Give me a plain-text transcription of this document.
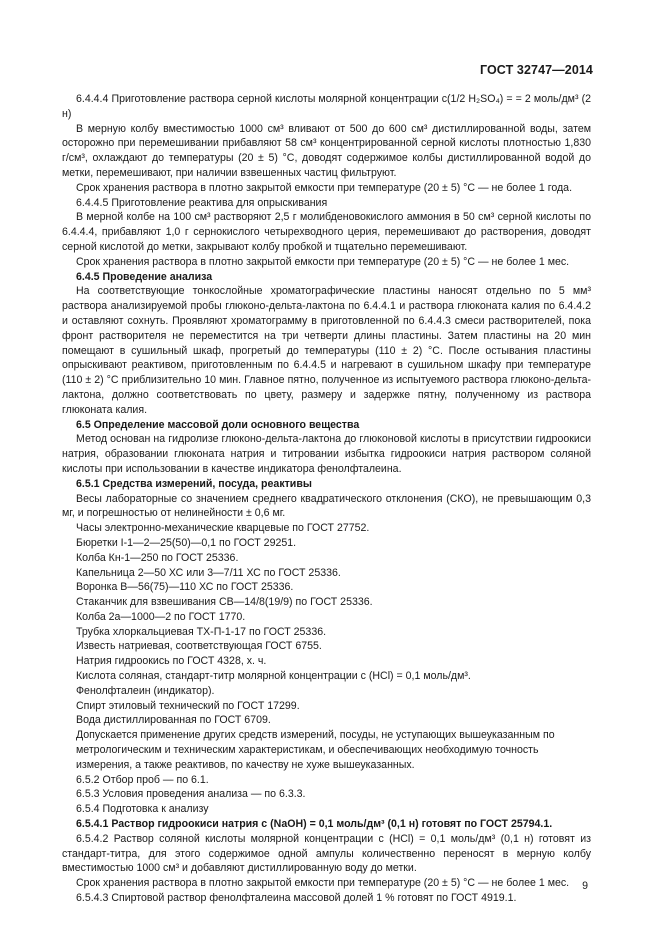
ГОСТ 32747—2014

6.4.4.4 Приготовление раствора серной кислоты молярной концентрации c(1/2 H₂SO₄) = = 2 моль/дм³ (2 н)

В мерную колбу вместимостью 1000 см³ вливают от 500 до 600 см³ дистиллированной воды, затем осторожно при перемешивании прибавляют 58 см³ концентрированной серной кислоты плотностью 1,830 г/см³, охлаждают до температуры (20 ± 5) °С, доводят содержимое колбы дистиллированной водой до метки, перемешивают, при наличии взвешенных частиц фильтруют.

Срок хранения раствора в плотно закрытой емкости при температуре (20 ± 5) °С — не более 1 года.

6.4.4.5 Приготовление реактива для опрыскивания

В мерной колбе на 100 см³ растворяют 2,5 г молибденовокислого аммония в 50 см³ серной кислоты по 6.4.4.4, прибавляют 1,0 г сернокислого четырехводного церия, перемешивают до растворения, доводят серной кислотой до метки, закрывают колбу пробкой и тщательно перемешивают.

Срок хранения раствора в плотно закрытой емкости при температуре (20 ± 5) °С — не более 1 мес.

6.4.5 Проведение анализа

На соответствующие тонкослойные хроматографические пластины наносят отдельно по 5 мм³ раствора анализируемой пробы глюконо-дельта-лактона по 6.4.4.1 и раствора глюконата калия по 6.4.4.2 и оставляют сохнуть. Проявляют хроматограмму в приготовленной по 6.4.4.3 смеси растворителей, пока фронт растворителя не переместится на три четверти длины пластины. Затем пластины на 20 мин помещают в сушильный шкаф, прогретый до температуры (110 ± 2) °С. После остывания пластины опрыскивают реактивом, приготовленным по 6.4.4.5 и нагревают в сушильном шкафу при температуре (110 ± 2) °С приблизительно 10 мин. Главное пятно, полученное из испытуемого раствора глюконо-дельта-лактона, должно соответствовать по цвету, размеру и задержке пятну, полученному из раствора глюконата калия.

6.5 Определение массовой доли основного вещества

Метод основан на гидролизе глюконо-дельта-лактона до глюконовой кислоты в присутствии гидроокиси натрия, образовании глюконата натрия и титровании избытка гидроокиси натрия раствором соляной кислоты при использовании в качестве индикатора фенолфталеина.

6.5.1 Средства измерений, посуда, реактивы

Весы лабораторные со значением среднего квадратического отклонения (СКО), не превышающим 0,3 мг, и погрешностью от нелинейности ± 0,6 мг.

Часы электронно-механические кварцевые по ГОСТ 27752.

Бюретки I-1—2—25(50)—0,1 по ГОСТ 29251.

Колба Кн-1—250 по ГОСТ 25336.

Капельница 2—50 ХС или 3—7/11 ХС по ГОСТ 25336.

Воронка В—56(75)—110 ХС по ГОСТ 25336.

Стаканчик для взвешивания СВ—14/8(19/9) по ГОСТ 25336.

Колба 2а—1000—2 по ГОСТ 1770.

Трубка хлоркальциевая ТХ-П-1-17 по ГОСТ 25336.

Известь натриевая, соответствующая ГОСТ 6755.

Натрия гидроокись по ГОСТ 4328, х. ч.

Кислота соляная, стандарт-титр молярной концентрации c (HCl) = 0,1 моль/дм³.

Фенолфталеин (индикатор).

Спирт этиловый технический по ГОСТ 17299.

Вода дистиллированная по ГОСТ 6709.

Допускается применение других средств измерений, посуды, не уступающих вышеуказанным по метрологическим и техническим характеристикам, и обеспечивающих необходимую точность измерения, а также реактивов, по качеству не хуже вышеуказанных.

6.5.2 Отбор проб — по 6.1.

6.5.3 Условия проведения анализа — по 6.3.3.

6.5.4 Подготовка к анализу

6.5.4.1 Раствор гидроокиси натрия c (NaOH) = 0,1 моль/дм³ (0,1 н) готовят по ГОСТ 25794.1.

6.5.4.2 Раствор соляной кислоты молярной концентрации c (HCl) = 0,1 моль/дм³ (0,1 н) готовят из стандарт-титра, для этого содержимое одной ампулы количественно переносят в мерную колбу вместимостью 1000 см³ и добавляют дистиллированную воду до метки.

Срок хранения раствора в плотно закрытой емкости при температуре (20 ± 5) °С — не более 1 мес.

6.5.4.3 Спиртовой раствор фенолфталеина массовой долей 1 % готовят по ГОСТ 4919.1.

9
